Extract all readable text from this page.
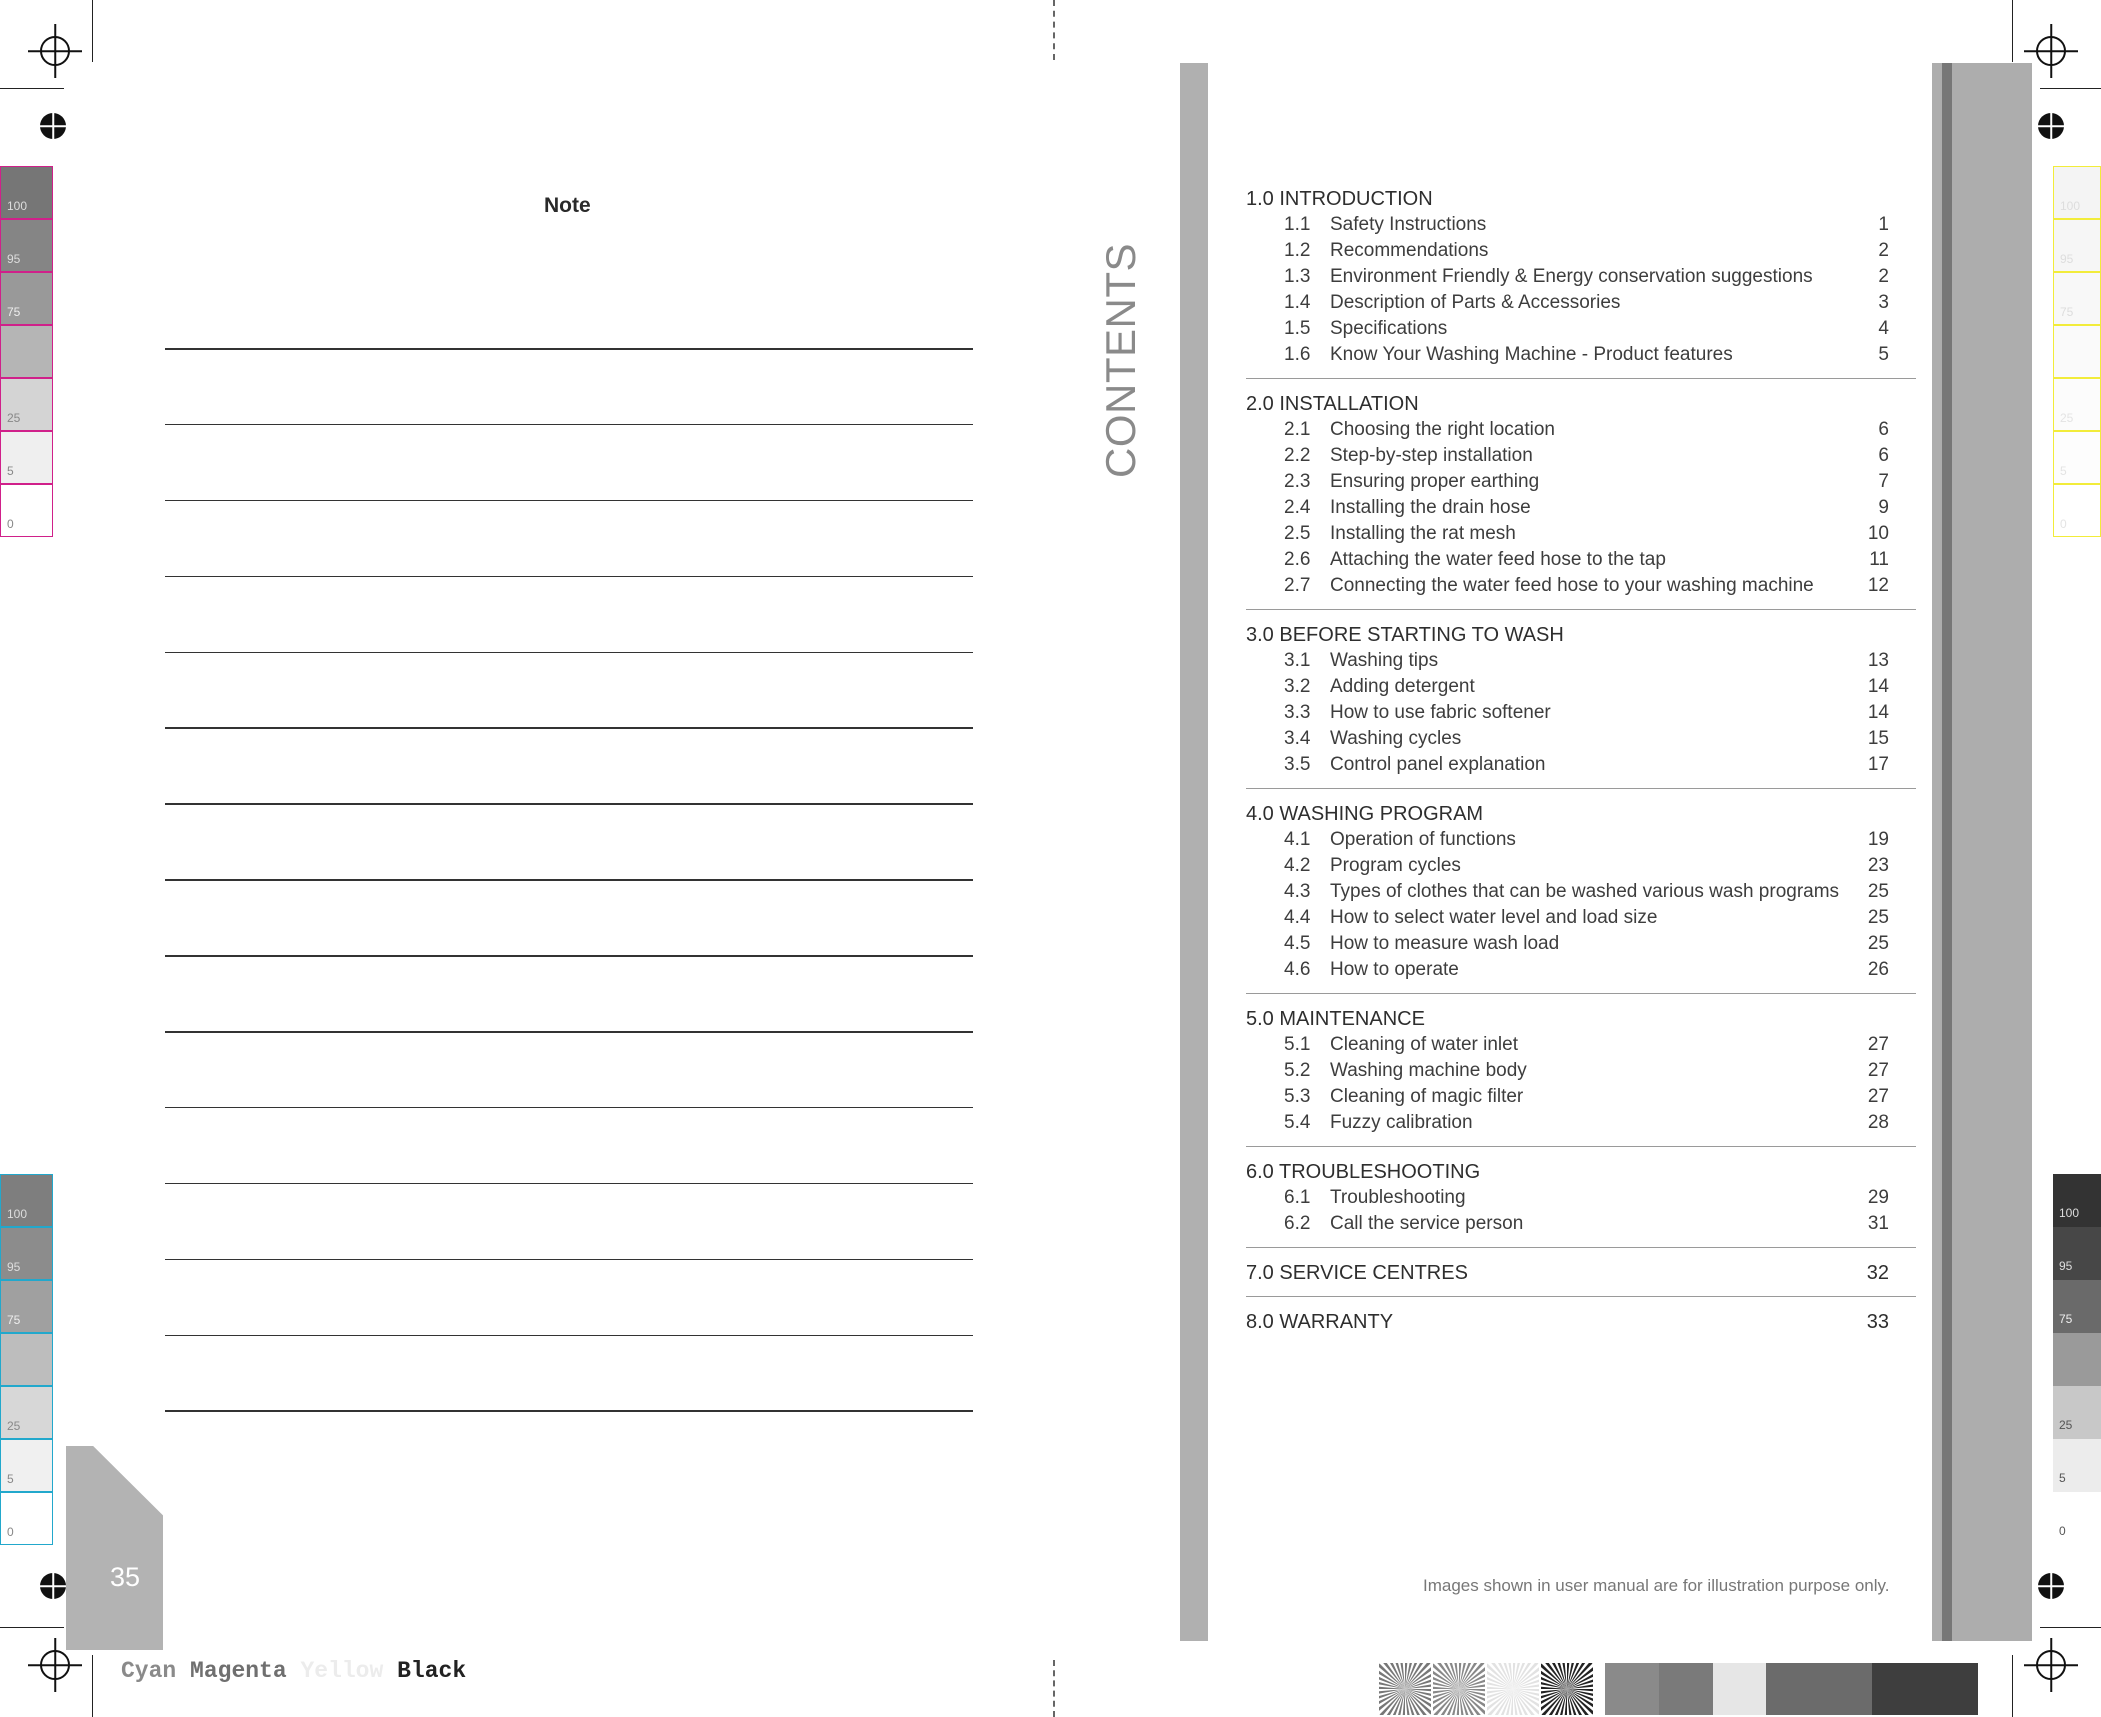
100
95
75
25
5
0
100
95
75
25
5
0
100
95
75
25
5
0
100
95
75
25
5
0
Note
35
Cyan Magenta Yellow Black
CONTENTS
1.0 INTRODUCTION
1.1	Safety Instructions	1
1.2	Recommendations	2
1.3	Environment Friendly & Energy conservation suggestions	2
1.4	Description of Parts & Accessories	3
1.5	Specifications	4
1.6	Know Your Washing Machine - Product features	5
2.0 INSTALLATION
2.1	Choosing the right location	6
2.2	Step-by-step installation	6
2.3	Ensuring proper earthing	7
2.4	Installing the drain hose	9
2.5	Installing the rat mesh	10
2.6	Attaching the water feed hose to the tap	11
2.7	Connecting the water feed hose to your washing machine	12
3.0 BEFORE STARTING TO WASH
3.1	Washing tips	13
3.2	Adding detergent	14
3.3	How to use fabric softener	14
3.4	Washing cycles	15
3.5	Control panel explanation	17
4.0 WASHING PROGRAM
4.1	Operation of functions	19
4.2	Program cycles	23
4.3	Types of clothes that can be washed various wash programs	25
4.4	How to select water level and load size	25
4.5	How to measure wash load	25
4.6	How to operate	26
5.0 MAINTENANCE
5.1	Cleaning of water inlet	27
5.2	Washing machine body	27
5.3	Cleaning of magic filter	27
5.4	Fuzzy calibration	28
6.0 TROUBLESHOOTING
6.1	Troubleshooting	29
6.2	Call the service person	31
7.0 SERVICE CENTRES	32
8.0 WARRANTY	33
Images shown in user manual are for illustration purpose only.
